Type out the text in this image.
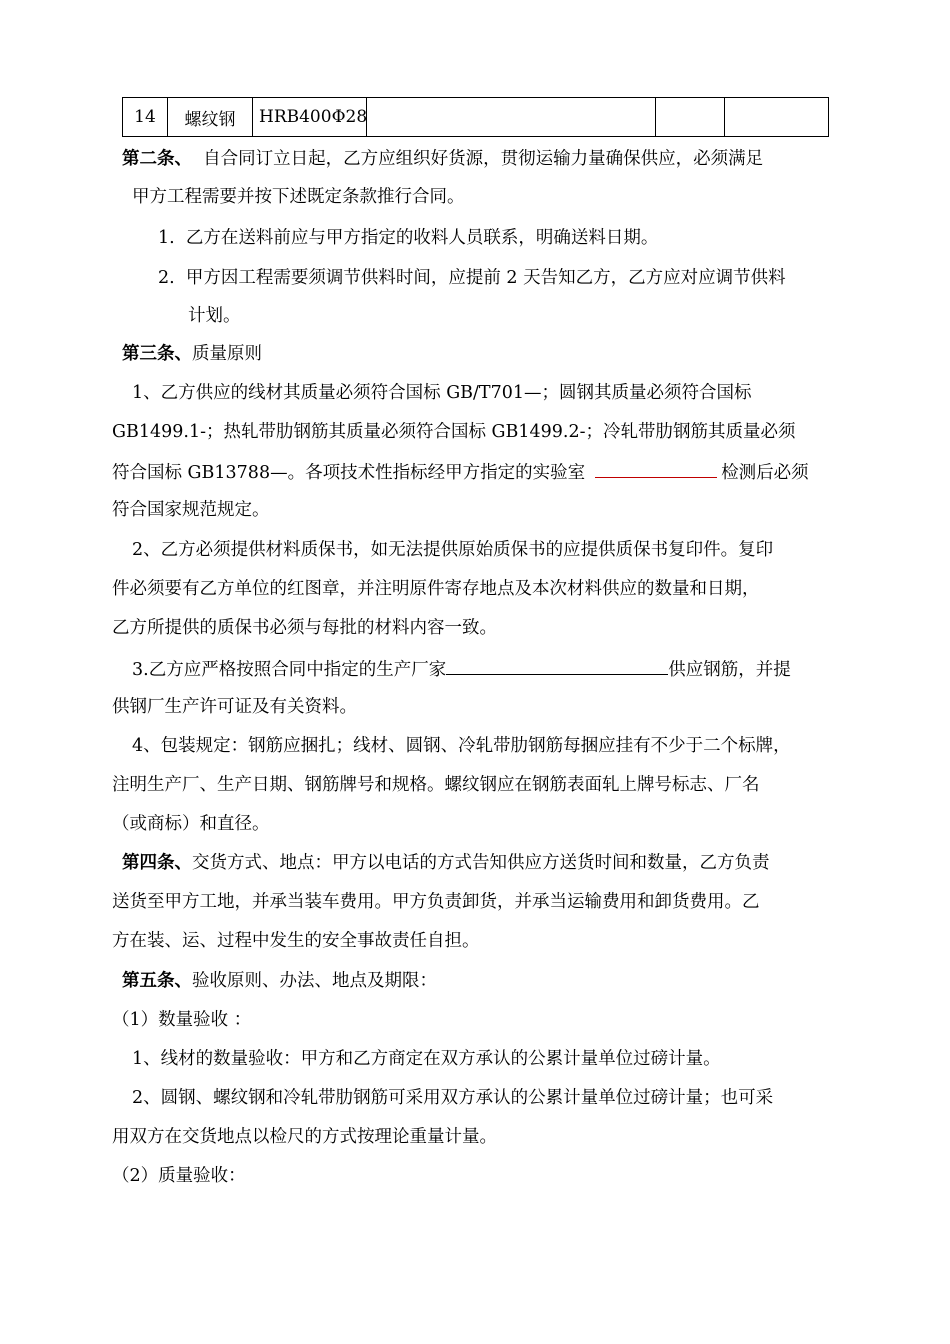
14	螺纹钢	HRB400Φ28			
第二条、  自合同订立日起，乙方应组织好货源，贯彻运输力量确保供应，必须满足
甲方工程需要并按下述既定条款推行合同。
1.  乙方在送料前应与甲方指定的收料人员联系，明确送料日期。
2.  甲方因工程需要须调节供料时间，应提前 2 天告知乙方，乙方应对应调节供料
计划。
第三条、质量原则
1、乙方供应的线材其质量必须符合国标 GB/T701—；圆钢其质量必须符合国标
GB1499.1-；热轧带肋钢筋其质量必须符合国标 GB1499.2-；冷轧带肋钢筋其质量必须
符合国标 GB13788—。各项技术性指标经甲方指定的实验室	检测后必须
符合国家规范规定。
2、乙方必须提供材料质保书，如无法提供原始质保书的应提供质保书复印件。复印
件必须要有乙方单位的红图章，并注明原件寄存地点及本次材料供应的数量和日期，
乙方所提供的质保书必须与每批的材料内容一致。
3.乙方应严格按照合同中指定的生产厂家	供应钢筋，并提
供钢厂生产许可证及有关资料。
4、包装规定：钢筋应捆扎；线材、圆钢、冷轧带肋钢筋每捆应挂有不少于二个标牌，
注明生产厂、生产日期、钢筋牌号和规格。螺纹钢应在钢筋表面轧上牌号标志、厂名
（或商标）和直径。
第四条、交货方式、地点：甲方以电话的方式告知供应方送货时间和数量，乙方负责
送货至甲方工地，并承当装车费用。甲方负责卸货，并承当运输费用和卸货费用。乙
方在装、运、过程中发生的安全事故责任自担。
第五条、验收原则、办法、地点及期限：
（1）数量验收 ：
1、线材的数量验收：甲方和乙方商定在双方承认的公累计量单位过磅计量。
2、圆钢、螺纹钢和冷轧带肋钢筋可采用双方承认的公累计量单位过磅计量；也可采
用双方在交货地点以检尺的方式按理论重量计量。
（2）质量验收：
